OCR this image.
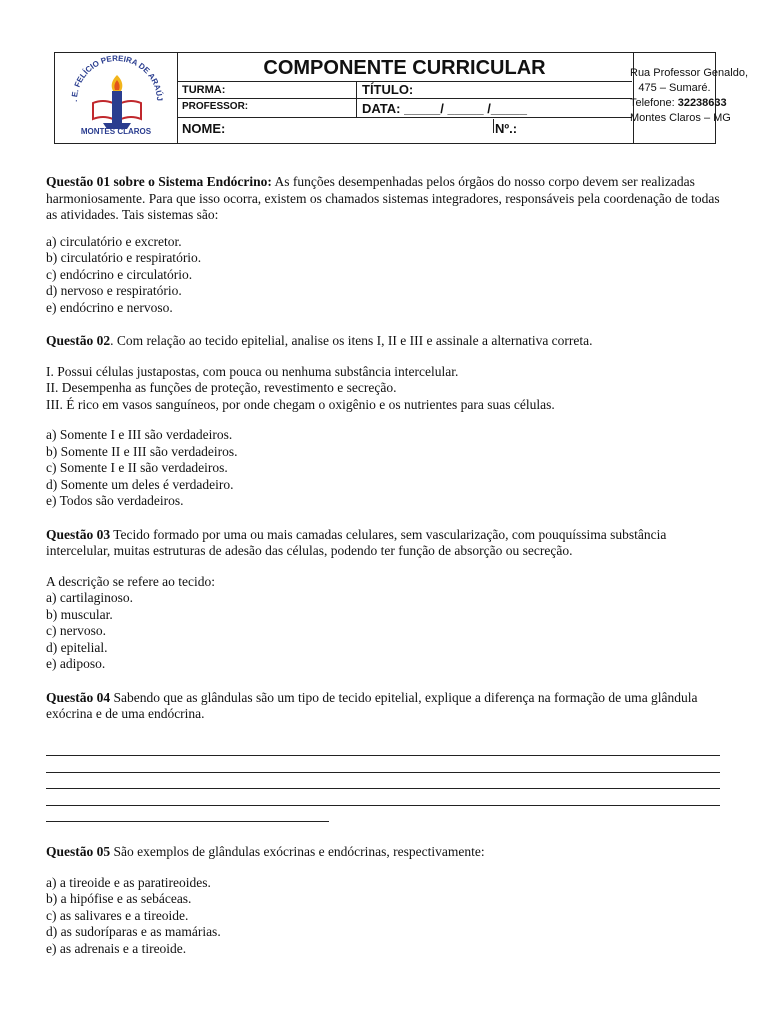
. E. FELÍCIO PEREIRA DE ARAÚJ
MONTES CLAROS
COMPONENTE CURRICULAR
TURMA:	TÍTULO:
PROFESSOR:	DATA: _____/ _____ /_____
NOME:	Nº.:
Rua Professor Genaldo,
475 – Sumaré.
Telefone: 32238633
Montes Claros – MG

Questão 01 sobre o Sistema Endócrino: As funções desempenhadas pelos órgãos do nosso corpo devem ser realizadas harmoniosamente. Para que isso ocorra, existem os chamados sistemas integradores, responsáveis pela coordenação de todas as atividades. Tais sistemas são:

a) circulatório e excretor.
b) circulatório e respiratório.
c) endócrino e circulatório.
d) nervoso e respiratório.
e) endócrino e nervoso.

Questão 02. Com relação ao tecido epitelial, analise os itens I, II e III e assinale a alternativa correta.

I. Possui células justapostas, com pouca ou nenhuma substância intercelular.
II. Desempenha as funções de proteção, revestimento e secreção.
III. É rico em vasos sanguíneos, por onde chegam o oxigênio e os nutrientes para suas células.
a) Somente I e III são verdadeiros.
b) Somente II e III são verdadeiros.
c) Somente I e II são verdadeiros.
d) Somente um deles é verdadeiro.
e) Todos são verdadeiros.

Questão 03 Tecido formado por uma ou mais camadas celulares, sem vascularização, com pouquíssima substância intercelular, muitas estruturas de adesão das células, podendo ter função de absorção ou secreção.

A descrição se refere ao tecido:
a) cartilaginoso.
b) muscular.
c) nervoso.
d) epitelial.
e) adiposo.

Questão 04 Sabendo que as glândulas são um tipo de tecido epitelial, explique a diferença na formação de uma glândula exócrina e de uma endócrina.

Questão 05 São exemplos de glândulas exócrinas e endócrinas, respectivamente:

a) a tireoide e as paratireoides.
b) a hipófise e as sebáceas.
c) as salivares e a tireoide.
d) as sudoríparas e as mamárias.
e) as adrenais e a tireoide.
